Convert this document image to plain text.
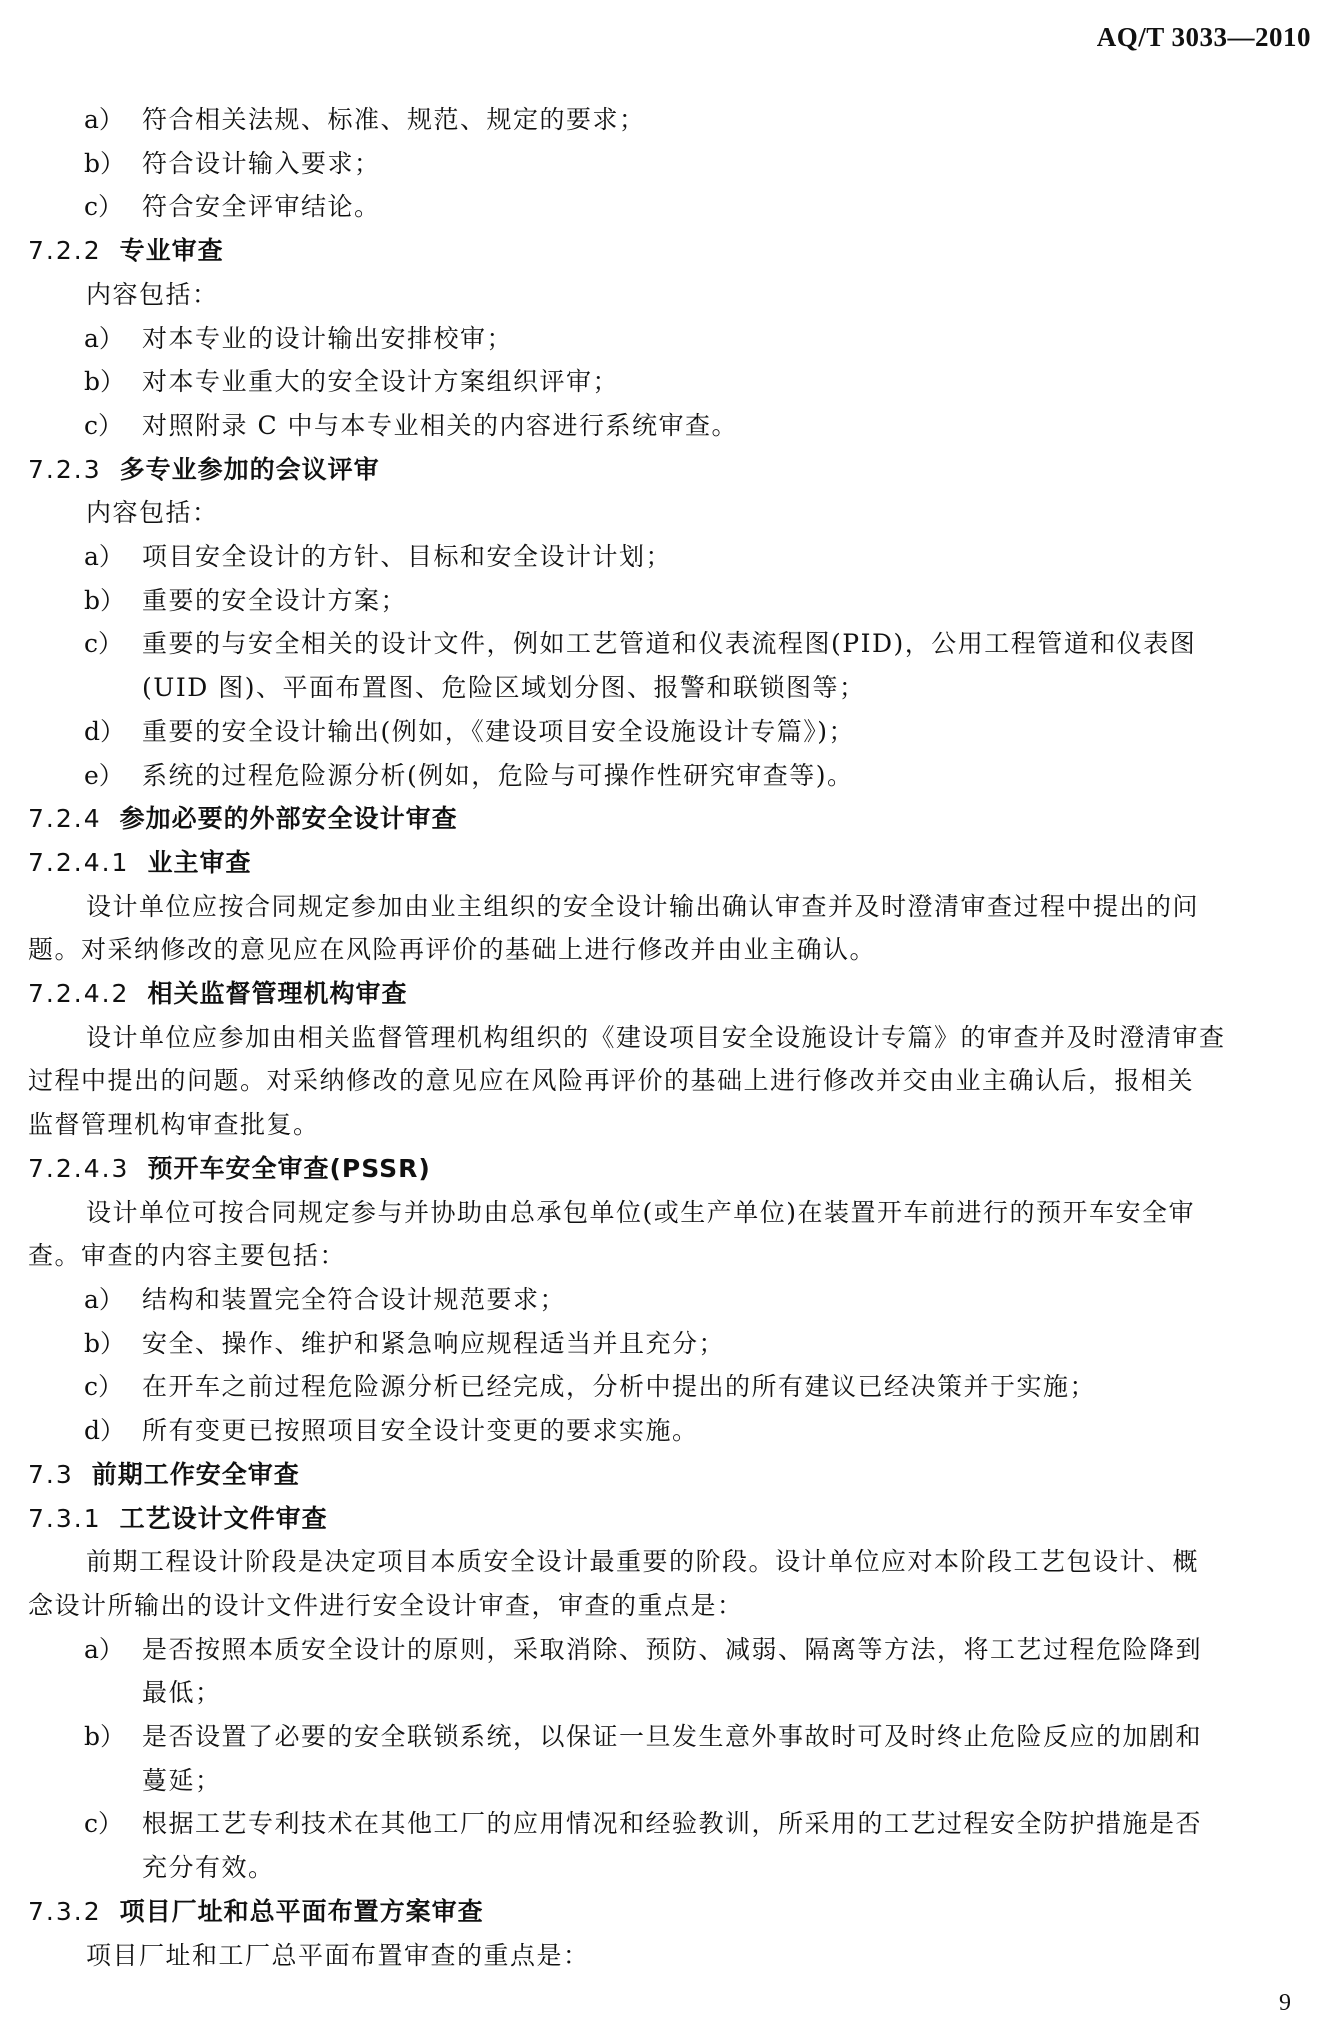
AQ/T 3033—2010
a） 符合相关法规、标准、规范、规定的要求；
b） 符合设计输入要求；
c） 符合安全评审结论。
7.2.2 专业审查
内容包括：
a） 对本专业的设计输出安排校审；
b） 对本专业重大的安全设计方案组织评审；
c） 对照附录 C 中与本专业相关的内容进行系统审查。
7.2.3 多专业参加的会议评审
内容包括：
a） 项目安全设计的方针、目标和安全设计计划；
b） 重要的安全设计方案；
c） 重要的与安全相关的设计文件，例如工艺管道和仪表流程图(PID)，公用工程管道和仪表图
(UID 图)、平面布置图、危险区域划分图、报警和联锁图等；
d） 重要的安全设计输出(例如，《建设项目安全设施设计专篇》)；
e） 系统的过程危险源分析(例如，危险与可操作性研究审查等)。
7.2.4 参加必要的外部安全设计审查
7.2.4.1 业主审查
设计单位应按合同规定参加由业主组织的安全设计输出确认审查并及时澄清审查过程中提出的问
题。对采纳修改的意见应在风险再评价的基础上进行修改并由业主确认。
7.2.4.2 相关监督管理机构审查
设计单位应参加由相关监督管理机构组织的《建设项目安全设施设计专篇》的审查并及时澄清审查
过程中提出的问题。对采纳修改的意见应在风险再评价的基础上进行修改并交由业主确认后，报相关
监督管理机构审查批复。
7.2.4.3 预开车安全审查(PSSR)
设计单位可按合同规定参与并协助由总承包单位(或生产单位)在装置开车前进行的预开车安全审
查。审查的内容主要包括：
a） 结构和装置完全符合设计规范要求；
b） 安全、操作、维护和紧急响应规程适当并且充分；
c） 在开车之前过程危险源分析已经完成，分析中提出的所有建议已经决策并于实施；
d） 所有变更已按照项目安全设计变更的要求实施。
7.3 前期工作安全审查
7.3.1 工艺设计文件审查
前期工程设计阶段是决定项目本质安全设计最重要的阶段。设计单位应对本阶段工艺包设计、概
念设计所输出的设计文件进行安全设计审查，审查的重点是：
a） 是否按照本质安全设计的原则，采取消除、预防、减弱、隔离等方法，将工艺过程危险降到
最低；
b） 是否设置了必要的安全联锁系统，以保证一旦发生意外事故时可及时终止危险反应的加剧和
蔓延；
c） 根据工艺专利技术在其他工厂的应用情况和经验教训，所采用的工艺过程安全防护措施是否
充分有效。
7.3.2 项目厂址和总平面布置方案审查
项目厂址和工厂总平面布置审查的重点是：
9
